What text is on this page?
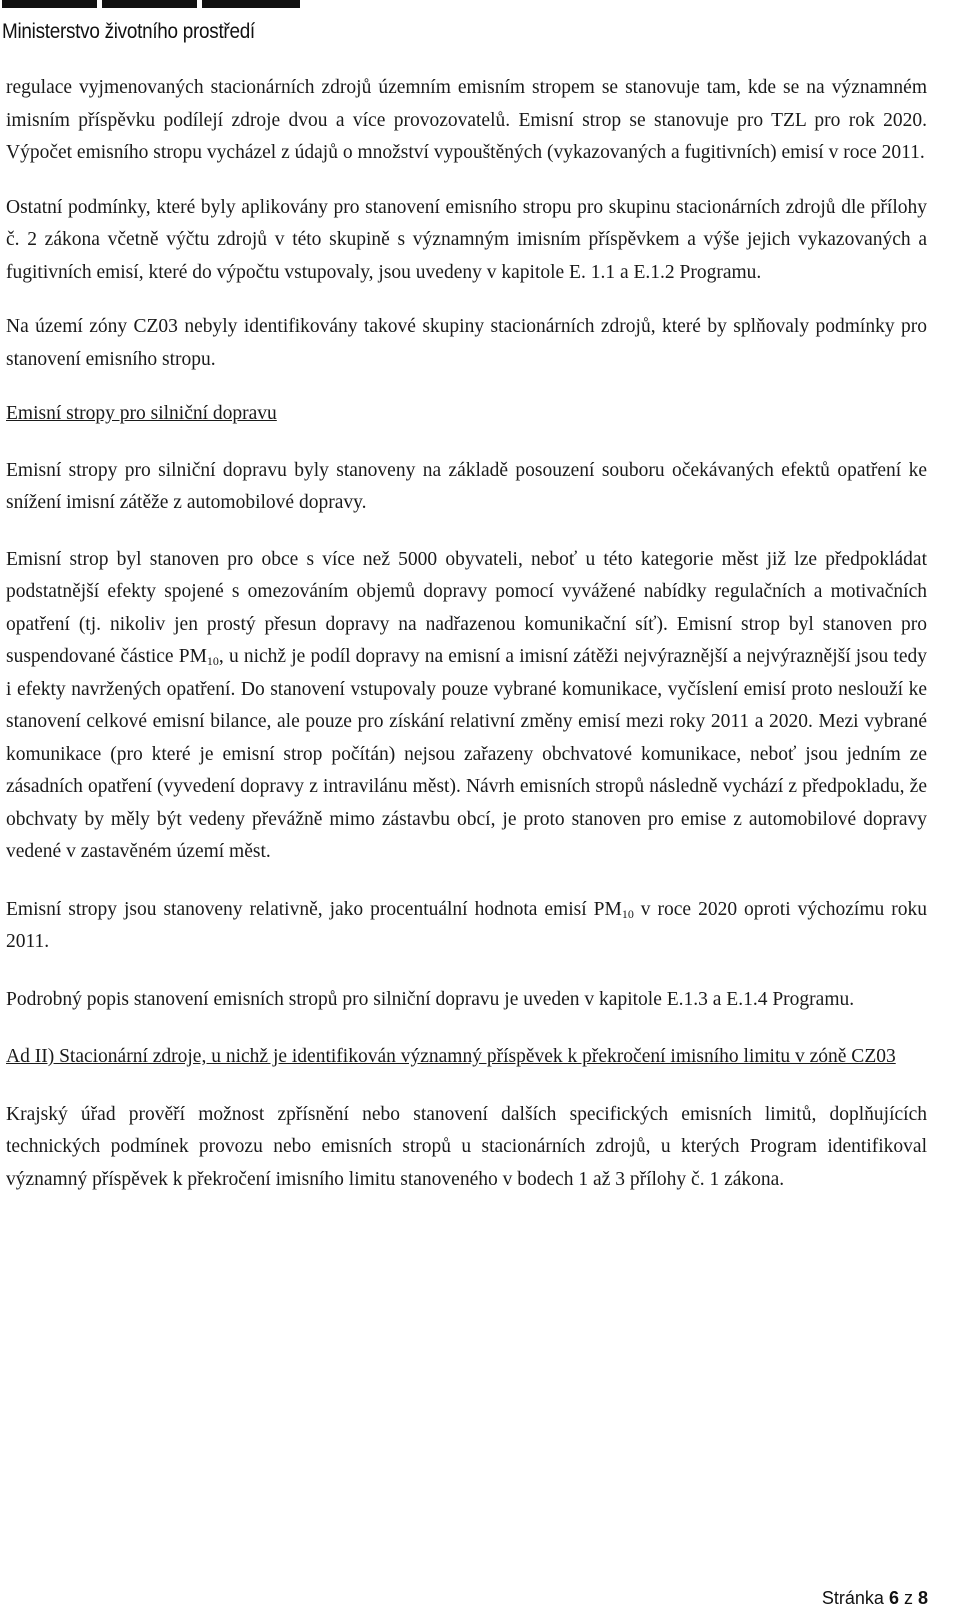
Ministerstvo životního prostředí

regulace vyjmenovaných stacionárních zdrojů územním emisním stropem se stanovuje tam, kde se na významném imisním příspěvku podílejí zdroje dvou a více provozovatelů. Emisní strop se stanovuje pro TZL pro rok 2020. Výpočet emisního stropu vycházel z údajů o množství vypouštěných (vykazovaných a fugitivních) emisí v roce 2011.

Ostatní podmínky, které byly aplikovány pro stanovení emisního stropu pro skupinu stacionárních zdrojů dle přílohy č. 2 zákona včetně výčtu zdrojů v této skupině s významným imisním příspěvkem a výše jejich vykazovaných a fugitivních emisí, které do výpočtu vstupovaly, jsou uvedeny v kapitole E. 1.1 a E.1.2 Programu.

Na území zóny CZ03 nebyly identifikovány takové skupiny stacionárních zdrojů, které by splňovaly podmínky pro stanovení emisního stropu.

Emisní stropy pro silniční dopravu

Emisní stropy pro silniční dopravu byly stanoveny na základě posouzení souboru očekávaných efektů opatření ke snížení imisní zátěže z automobilové dopravy.

Emisní strop byl stanoven pro obce s více než 5000 obyvateli, neboť u této kategorie měst již lze předpokládat podstatnější efekty spojené s omezováním objemů dopravy pomocí vyvážené nabídky regulačních a motivačních opatření (tj. nikoliv jen prostý přesun dopravy na nadřazenou komunikační síť). Emisní strop byl stanoven pro suspendované částice $PM_{10}$, u nichž je podíl dopravy na emisní a imisní zátěži nejvýraznější a nejvýraznější jsou tedy i efekty navržených opatření. Do stanovení vstupovaly pouze vybrané komunikace, vyčíslení emisí proto neslouží ke stanovení celkové emisní bilance, ale pouze pro získání relativní změny emisí mezi roky 2011 a 2020. Mezi vybrané komunikace (pro které je emisní strop počítán) nejsou zařazeny obchvatové komunikace, neboť jsou jedním ze zásadních opatření (vyvedení dopravy z intravilánu měst). Návrh emisních stropů následně vychází z předpokladu, že obchvaty by měly být vedeny převážně mimo zástavbu obcí, je proto stanoven pro emise z automobilové dopravy vedené v zastavěném území měst.

Emisní stropy jsou stanoveny relativně, jako procentuální hodnota emisí $PM_{10}$ v roce 2020 oproti výchozímu roku 2011.

Podrobný popis stanovení emisních stropů pro silniční dopravu je uveden v kapitole E.1.3 a E.1.4 Programu.

Ad II) Stacionární zdroje, u nichž je identifikován významný příspěvek k překročení imisního limitu v zóně CZ03

Krajský úřad prověří možnost zpřísnění nebo stanovení dalších specifických emisních limitů, doplňujících technických podmínek provozu nebo emisních stropů u stacionárních zdrojů, u kterých Program identifikoval významný příspěvek k překročení imisního limitu stanoveného v bodech 1 až 3 přílohy č. 1 zákona.

Stránka 6 z 8
